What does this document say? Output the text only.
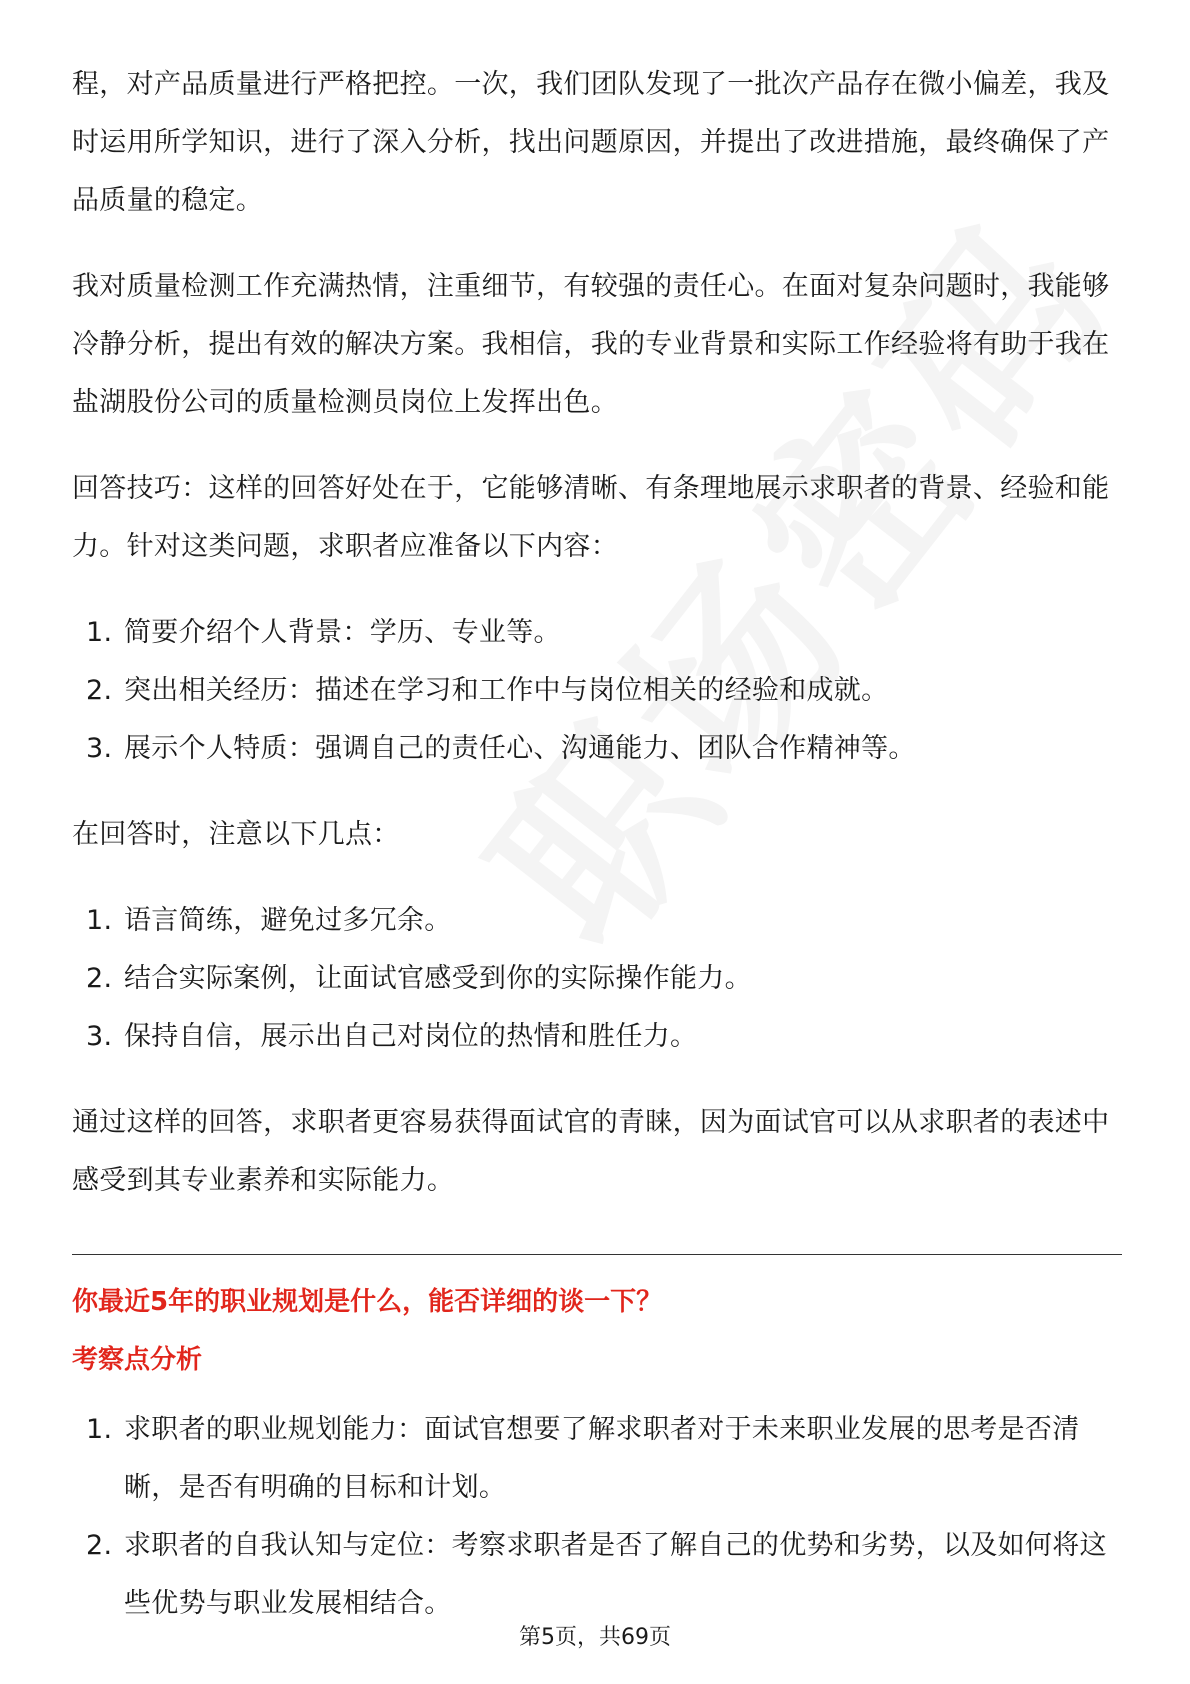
程，对产品质量进行严格把控。一次，我们团队发现了一批次产品存在微小偏差，我及时运用所学知识，进行了深入分析，找出问题原因，并提出了改进措施，最终确保了产品质量的稳定。

我对质量检测工作充满热情，注重细节，有较强的责任心。在面对复杂问题时，我能够冷静分析，提出有效的解决方案。我相信，我的专业背景和实际工作经验将有助于我在盐湖股份公司的质量检测员岗位上发挥出色。

回答技巧：这样的回答好处在于，它能够清晰、有条理地展示求职者的背景、经验和能力。针对这类问题，求职者应准备以下内容：

1. 简要介绍个人背景：学历、专业等。
2. 突出相关经历：描述在学习和工作中与岗位相关的经验和成就。
3. 展示个人特质：强调自己的责任心、沟通能力、团队合作精神等。

在回答时，注意以下几点：

1. 语言简练，避免过多冗余。
2. 结合实际案例，让面试官感受到你的实际操作能力。
3. 保持自信，展示出自己对岗位的热情和胜任力。

通过这样的回答，求职者更容易获得面试官的青睐，因为面试官可以从求职者的表述中感受到其专业素养和实际能力。

你最近5年的职业规划是什么，能否详细的谈一下？

考察点分析

1. 求职者的职业规划能力：面试官想要了解求职者对于未来职业发展的思考是否清晰，是否有明确的目标和计划。
2. 求职者的自我认知与定位：考察求职者是否了解自己的优势和劣势，以及如何将这些优势与职业发展相结合。
第5页，共69页
